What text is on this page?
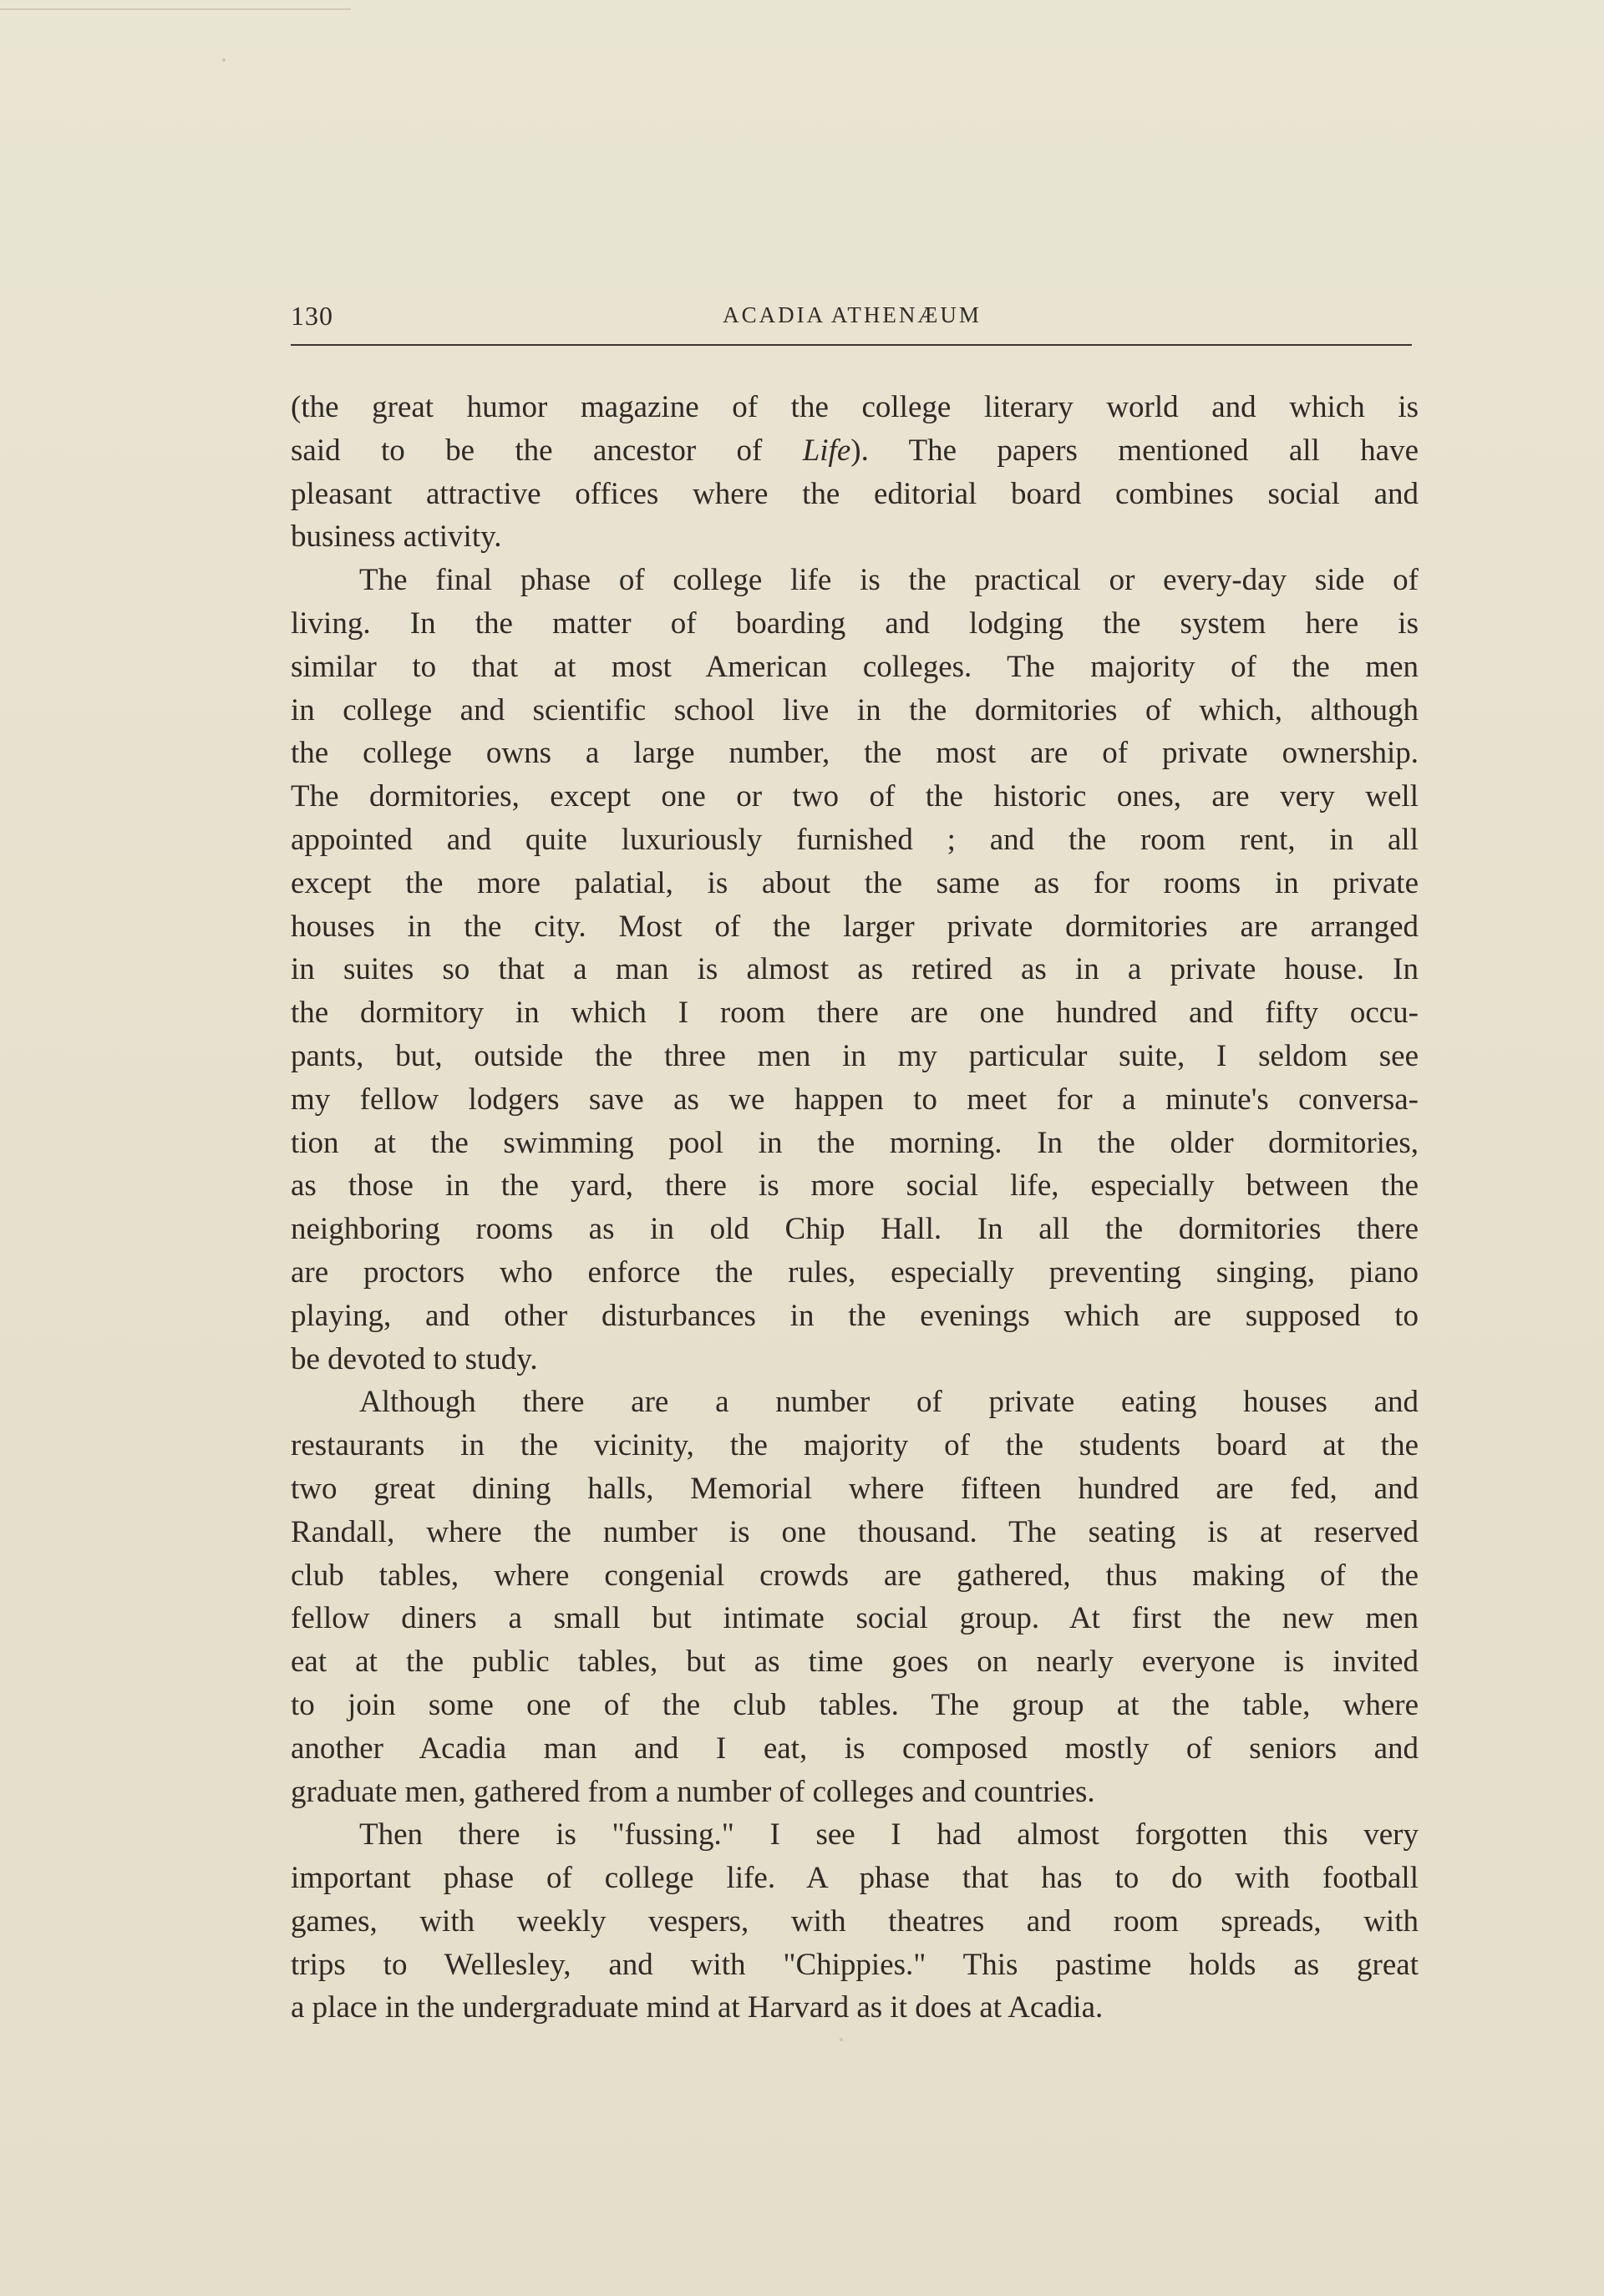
130	ACADIA ATHENÆUM
(the great humor magazine of the college literary world and which is
said to be the ancestor of Life). The papers mentioned all have
pleasant attractive offices where the editorial board combines social and
business activity.
The final phase of college life is the practical or every-day side of
living. In the matter of boarding and lodging the system here is
similar to that at most American colleges. The majority of the men
in college and scientific school live in the dormitories of which, although
the college owns a large number, the most are of private ownership.
The dormitories, except one or two of the historic ones, are very well
appointed and quite luxuriously furnished ; and the room rent, in all
except the more palatial, is about the same as for rooms in private
houses in the city. Most of the larger private dormitories are arranged
in suites so that a man is almost as retired as in a private house. In
the dormitory in which I room there are one hundred and fifty occu-
pants, but, outside the three men in my particular suite, I seldom see
my fellow lodgers save as we happen to meet for a minute's conversa-
tion at the swimming pool in the morning. In the older dormitories,
as those in the yard, there is more social life, especially between the
neighboring rooms as in old Chip Hall. In all the dormitories there
are proctors who enforce the rules, especially preventing singing, piano
playing, and other disturbances in the evenings which are supposed to
be devoted to study.
Although there are a number of private eating houses and
restaurants in the vicinity, the majority of the students board at the
two great dining halls, Memorial where fifteen hundred are fed, and
Randall, where the number is one thousand. The seating is at reserved
club tables, where congenial crowds are gathered, thus making of the
fellow diners a small but intimate social group. At first the new men
eat at the public tables, but as time goes on nearly everyone is invited
to join some one of the club tables. The group at the table, where
another Acadia man and I eat, is composed mostly of seniors and
graduate men, gathered from a number of colleges and countries.
Then there is "fussing." I see I had almost forgotten this very
important phase of college life. A phase that has to do with football
games, with weekly vespers, with theatres and room spreads, with
trips to Wellesley, and with "Chippies." This pastime holds as great
a place in the undergraduate mind at Harvard as it does at Acadia.
